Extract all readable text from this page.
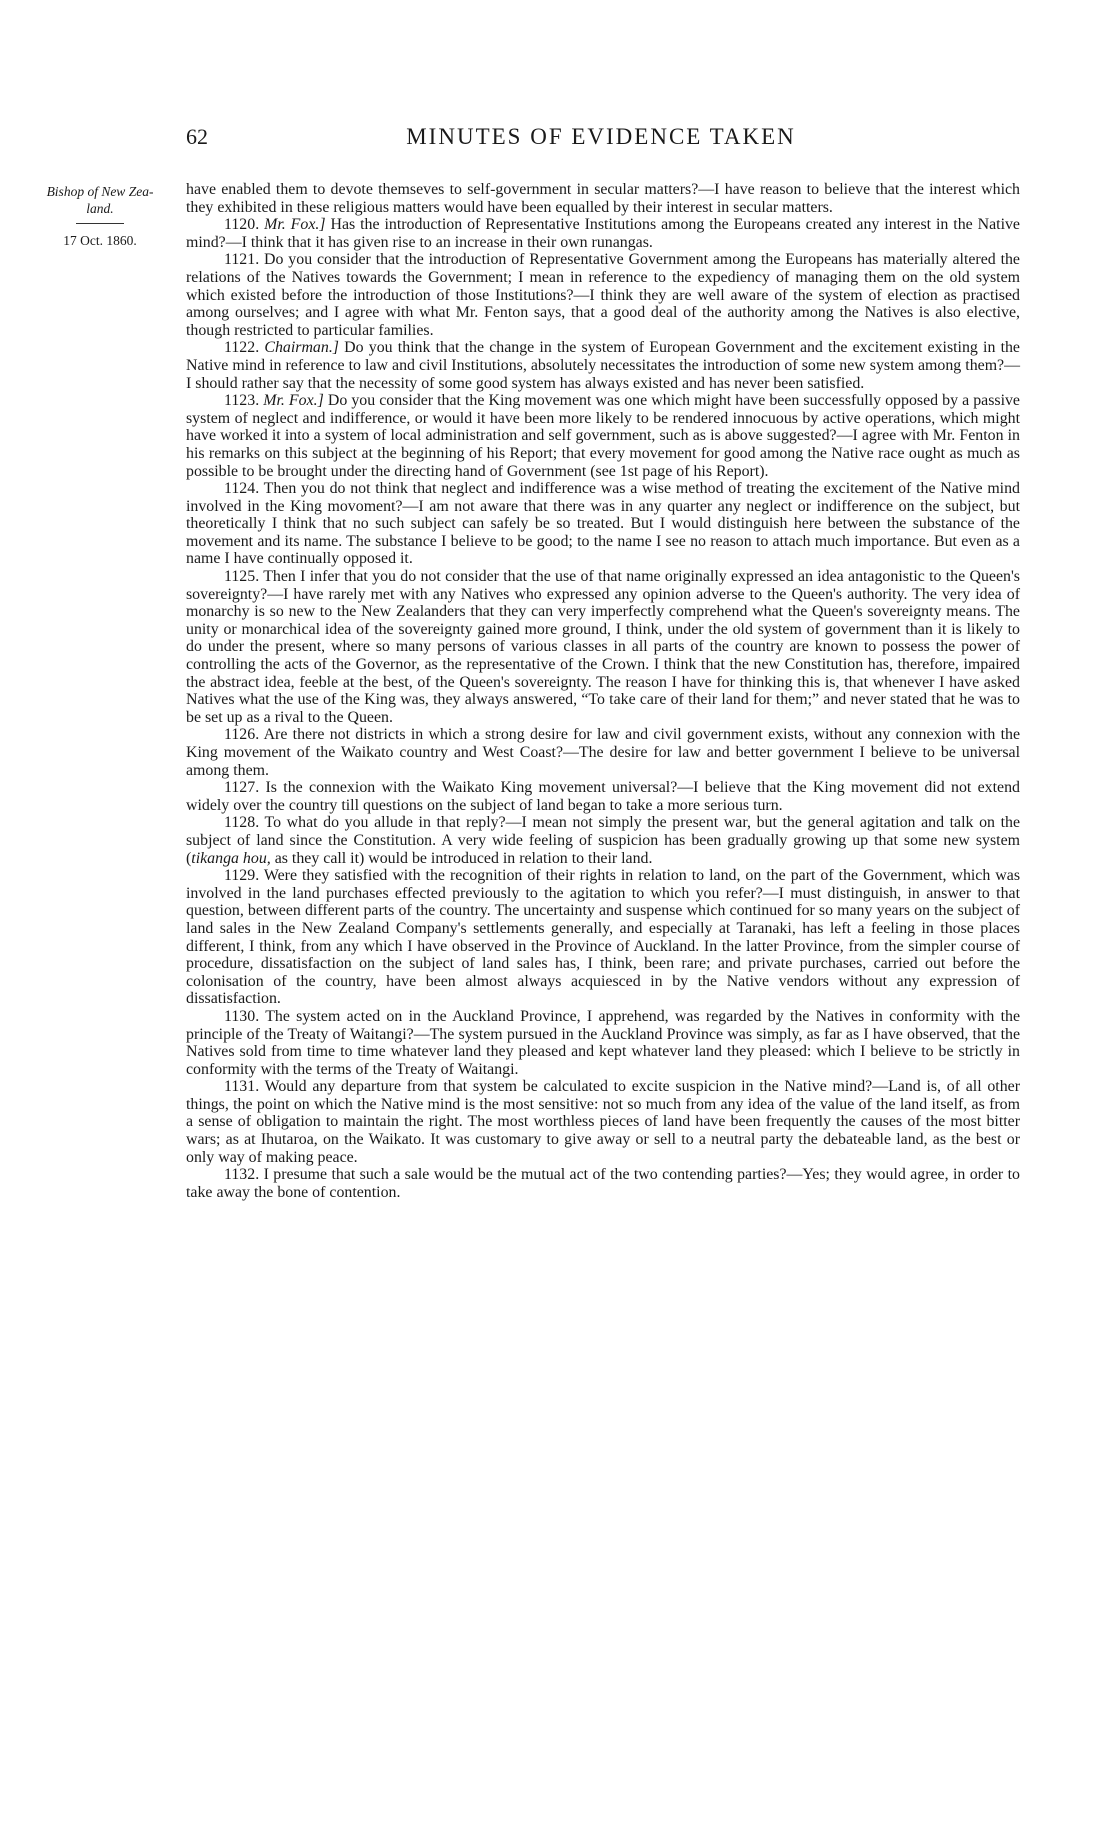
62	MINUTES OF EVIDENCE TAKEN
Bishop of New Zea-
land.
17 Oct. 1860.

have enabled them to devote themseves to self-government in secular matters?—I have reason to believe that the interest which they exhibited in these religious matters would have been equalled by their interest in secular matters.

1120. Mr. Fox.] Has the introduction of Representative Institutions among the Europeans created any interest in the Native mind?—I think that it has given rise to an increase in their own runangas.

1121. Do you consider that the introduction of Representative Government among the Europeans has materially altered the relations of the Natives towards the Government; I mean in reference to the expediency of managing them on the old system which existed before the introduction of those Institutions?—I think they are well aware of the system of election as practised among ourselves; and I agree with what Mr. Fenton says, that a good deal of the authority among the Natives is also elective, though restricted to particular families.

1122. Chairman.] Do you think that the change in the system of European Government and the excitement existing in the Native mind in reference to law and civil Institutions, absolutely necessitates the introduction of some new system among them?—I should rather say that the necessity of some good system has always existed and has never been satisfied.

1123. Mr. Fox.] Do you consider that the King movement was one which might have been successfully opposed by a passive system of neglect and indifference, or would it have been more likely to be rendered innocuous by active operations, which might have worked it into a system of local administration and self government, such as is above suggested?—I agree with Mr. Fenton in his remarks on this subject at the beginning of his Report; that every movement for good among the Native race ought as much as possible to be brought under the directing hand of Government (see 1st page of his Report).

1124. Then you do not think that neglect and indifference was a wise method of treating the excitement of the Native mind involved in the King movoment?—I am not aware that there was in any quarter any neglect or indifference on the subject, but theoretically I think that no such subject can safely be so treated. But I would distinguish here between the substance of the movement and its name. The substance I believe to be good; to the name I see no reason to attach much importance. But even as a name I have continually opposed it.

1125. Then I infer that you do not consider that the use of that name originally expressed an idea antagonistic to the Queen's sovereignty?—I have rarely met with any Natives who expressed any opinion adverse to the Queen's authority. The very idea of monarchy is so new to the New Zealanders that they can very imperfectly comprehend what the Queen's sovereignty means. The unity or monarchical idea of the sovereignty gained more ground, I think, under the old system of government than it is likely to do under the present, where so many persons of various classes in all parts of the country are known to possess the power of controlling the acts of the Governor, as the representative of the Crown. I think that the new Constitution has, therefore, impaired the abstract idea, feeble at the best, of the Queen's sovereignty. The reason I have for thinking this is, that whenever I have asked Natives what the use of the King was, they always answered, “To take care of their land for them;” and never stated that he was to be set up as a rival to the Queen.

1126. Are there not districts in which a strong desire for law and civil government exists, without any connexion with the King movement of the Waikato country and West Coast?—The desire for law and better government I believe to be universal among them.

1127. Is the connexion with the Waikato King movement universal?—I believe that the King movement did not extend widely over the country till questions on the subject of land began to take a more serious turn.

1128. To what do you allude in that reply?—I mean not simply the present war, but the general agitation and talk on the subject of land since the Constitution. A very wide feeling of suspicion has been gradually growing up that some new system (tikanga hou, as they call it) would be introduced in relation to their land.

1129. Were they satisfied with the recognition of their rights in relation to land, on the part of the Government, which was involved in the land purchases effected previously to the agitation to which you refer?—I must distinguish, in answer to that question, between different parts of the country. The uncertainty and suspense which continued for so many years on the subject of land sales in the New Zealand Company's settlements generally, and especially at Taranaki, has left a feeling in those places different, I think, from any which I have observed in the Province of Auckland. In the latter Province, from the simpler course of procedure, dissatisfaction on the subject of land sales has, I think, been rare; and private purchases, carried out before the colonisation of the country, have been almost always acquiesced in by the Native vendors without any expression of dissatisfaction.

1130. The system acted on in the Auckland Province, I apprehend, was regarded by the Natives in conformity with the principle of the Treaty of Waitangi?—The system pursued in the Auckland Province was simply, as far as I have observed, that the Natives sold from time to time whatever land they pleased and kept whatever land they pleased: which I believe to be strictly in conformity with the terms of the Treaty of Waitangi.

1131. Would any departure from that system be calculated to excite suspicion in the Native mind?—Land is, of all other things, the point on which the Native mind is the most sensitive: not so much from any idea of the value of the land itself, as from a sense of obligation to maintain the right. The most worthless pieces of land have been frequently the causes of the most bitter wars; as at Ihutaroa, on the Waikato. It was customary to give away or sell to a neutral party the debateable land, as the best or only way of making peace.

1132. I presume that such a sale would be the mutual act of the two contending parties?—Yes; they would agree, in order to take away the bone of contention.
